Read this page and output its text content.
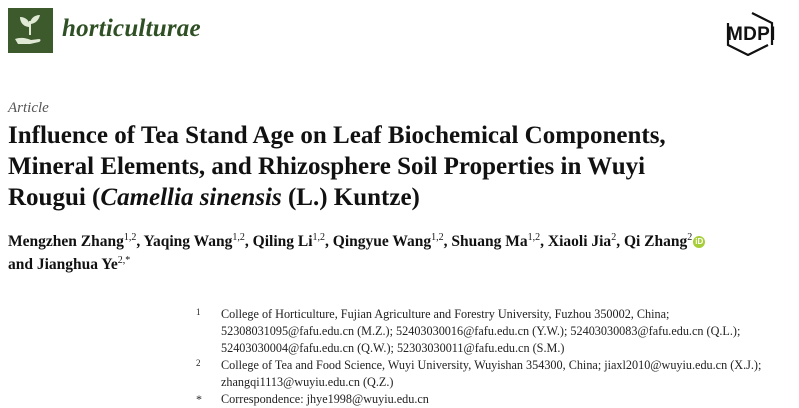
horticulturae	MDPI
Article
Influence of Tea Stand Age on Leaf Biochemical Components,
Mineral Elements, and Rhizosphere Soil Properties in Wuyi
Rougui (Camellia sinensis (L.) Kuntze)
Mengzhen Zhang$^{1,2}$, Yaqing Wang$^{1,2}$, Qiling Li$^{1,2}$, Qingyue Wang$^{1,2}$, Shuang Ma$^{1,2}$, Xiaoli Jia$^2$, Qi Zhang$^2$ iD
and Jianghua $Ye^{2,*}$
1 College of Horticulture, Fujian Agriculture and Forestry University, Fuzhou 350002, China;
52308031095@fafu.edu.cn (M.Z.); 52403030016@fafu.edu.cn (Y.W.); 52403030083@fafu.edu.cn (Q.L.);
52403030004@fafu.edu.cn (Q.W.); 52303030011@fafu.edu.cn (S.M.)
2 College of Tea and Food Science, Wuyi University, Wuyishan 354300, China; jiaxl2010@wuyiu.edu.cn (X.J.);
zhangqi1113@wuyiu.edu.cn (Q.Z.)
* Correspondence: jhye1998@wuyiu.edu.cn
